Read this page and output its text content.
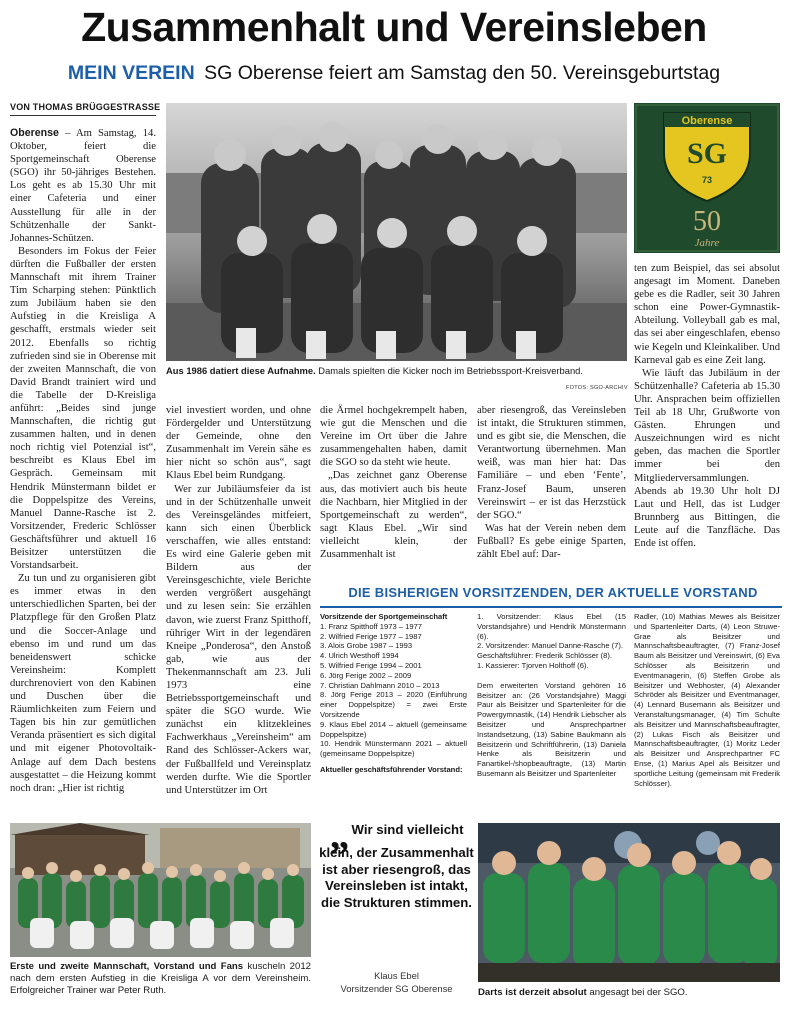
Zusammenhalt und Vereinsleben
MEIN VEREIN SG Oberense feiert am Samstag den 50. Vereinsgeburtstag
VON THOMAS BRÜGGESTRASSE

Oberense – Am Samstag, 14. Oktober, feiert die Sportgemeinschaft Oberense (SGO) ihr 50-jähriges Bestehen. Los geht es ab 15.30 Uhr mit einer Cafeteria und einer Ausstellung für alle in der Schützenhalle der Sankt-Johannes-Schützen.

Besonders im Fokus der Feier dürften die Fußballer der ersten Mannschaft mit ihrem Trainer Tim Scharping stehen: Pünktlich zum Jubiläum haben sie den Aufstieg in die Kreisliga A geschafft, erstmals wieder seit 2012. Ebenfalls so richtig zufrieden sind sie in Oberense mit der zweiten Mannschaft, die von David Brandt trainiert wird und die Tabelle der D-Kreisliga anführt: „Beides sind junge Mannschaften, die richtig gut zusammen halten, und in denen noch richtig viel Potenzial ist“, beschreibt es Klaus Ebel im Gespräch. Gemeinsam mit Hendrik Münstermann bildet er die Doppelspitze des Vereins, Manuel Danne-Rasche ist 2. Vorsitzender, Frederic Schlösser Geschäftsführer und aktuell 16 Beisitzer unterstützen die Vorstandsarbeit.

Zu tun und zu organisieren gibt es immer etwas in den unterschiedlichen Sparten, bei der Platzpflege für den Großen Platz und die Soccer-Anlage und ebenso im und rund um das beneidenswert schicke Vereinsheim: Komplett durchrenoviert von den Kabinen und Duschen über die Räumlichkeiten zum Feiern und Tagen bis hin zur gemütlichen Veranda präsentiert es sich digital und mit eigener Photovoltaik-Anlage auf dem Dach bestens ausgestattet – die Heizung kommt noch dran: „Hier ist richtig

Aus 1986 datiert diese Aufnahme. Damals spielten die Kicker noch im Betriebssport-Kreisverband.
FOTOS: SGO-ARCHIV
Oberense
SG
73
50
Jahre

viel investiert worden, und ohne Fördergelder und Unterstützung der Gemeinde, ohne den Zusammenhalt im Verein sähe es hier nicht so schön aus“, sagt Klaus Ebel beim Rundgang.

Wer zur Jubiläumsfeier da ist und in der Schützenhalle unweit des Vereinsgeländes mitfeiert, kann sich einen Überblick verschaffen, wie alles entstand: Es wird eine Galerie geben mit Bildern aus der Vereinsgeschichte, viele Berichte werden vergrößert ausgehängt und zu lesen sein: Sie erzählen davon, wie zuerst Franz Spitthoff, rühriger Wirt in der legendären Kneipe „Ponderosa“, den Anstoß gab, wie aus der Thekenmannschaft am 23. Juli 1973 eine Betriebssportgemeinschaft und später die SGO wurde. Wie zunächst ein klitzekleines Fachwerkhaus „Vereinsheim“ am Rand des Schlösser-Ackers war, der Fußballfeld und Vereinsplatz werden durfte. Wie die Sportler und Unterstützer im Ort

die Ärmel hochgekrempelt haben, wie gut die Menschen und die Vereine im Ort über die Jahre zusammengehalten haben, damit die SGO so da steht wie heute.

„Das zeichnet ganz Oberense aus, das motiviert auch bis heute die Nachbarn, hier Mitglied in der Sportgemeinschaft zu werden“, sagt Klaus Ebel. „Wir sind vielleicht klein, der Zusammenhalt ist

aber riesengroß, das Vereinsleben ist intakt, die Strukturen stimmen, und es gibt sie, die Menschen, die Verantwortung übernehmen. Man weiß, was man hier hat: Das Familiäre – und eben ‘Fente’, Franz-Josef Baum, unseren Vereinswirt – er ist das Herzstück der SGO.“

Was hat der Verein neben dem Fußball? Es gebe einige Sparten, zählt Ebel auf: Dar-

ten zum Beispiel, das sei absolut angesagt im Moment. Daneben gebe es die Radler, seit 30 Jahren schon eine Power-Gymnastik-Abteilung. Volleyball gab es mal, das sei aber eingeschlafen, ebenso wie Kegeln und Kleinkaliber. Und Karneval gab es eine Zeit lang.

Wie läuft das Jubiläum in der Schützenhalle? Cafeteria ab 15.30 Uhr. Ansprachen beim offiziellen Teil ab 18 Uhr, Grußworte von Gästen. Ehrungen und Auszeichnungen wird es nicht geben, das machen die Sportler immer bei den Mitgliederversammlungen. Abends ab 19.30 Uhr holt DJ Laut und Hell, das ist Ludger Brunnberg aus Bittingen, die Leute auf die Tanzfläche. Das Ende ist offen.

DIE BISHERIGEN VORSITZENDEN, DER AKTUELLE VORSTAND
Vorsitzende der Sportgemeinschaft
1. Franz Spitthoff 1973 – 1977
2. Wilfried Ferige 1977 – 1987
3. Alois Grobe 1987 – 1993
4. Ulrich Westhoff 1994
5. Wilfried Ferige 1994 – 2001
6. Jörg Ferige 2002 – 2009
7. Christian Dahlmann 2010 – 2013
8. Jörg Ferige 2013 – 2020 (Einführung einer Doppelspitze) = zwei Erste Vorsitzende
9. Klaus Ebel 2014 – aktuell (gemeinsame Doppelspitze)
10. Hendrik Münstermann 2021 – aktuell (gemeinsame Doppelspitze)
Aktueller geschäftsführender Vorstand:
1. Vorsitzender: Klaus Ebel (15 Vorstandsjahre) und Hendrik Münstermann (6).
2. Vorsitzender: Manuel Danne-Rasche (7).
Geschäftsführer: Frederik Schlösser (8).
1. Kassierer: Tjorven Holthoff (6).
Dem erweiterten Vorstand gehören 16 Beisitzer an: (26 Vorstandsjahre) Maggi Paur als Beisitzer und Spartenleiter für die Powergymnastik, (14) Hendrik Liebscher als Beisitzer und Ansprechpartner Instandsetzung, (13) Sabine Baukmann als Beisitzerin und Schriftführerin, (13) Daniela Henke als Beisitzerin und Fanartikel-/shopbeauftragte, (13) Martin Busemann als Beisitzer und Spartenleiter
Radler, (10) Mathias Mewes als Beisitzer und Spartenleiter Darts, (4) Leon Struwe-Grae als Beisitzer und Mannschaftsbeauftragter, (7) Franz-Josef Baum als Beisitzer und Vereinswirt, (6) Eva Schlösser als Beisitzerin und Eventmanagerin, (6) Steffen Grobe als Beisitzer und Webhoster, (4) Alexander Schröder als Beisitzer und Eventmanager, (4) Lennard Busemann als Beisitzer und Veranstaltungsmanager, (4) Tim Schulte als Beisitzer und Mannschaftsbeauftragter, (2) Lukas Fisch als Beisitzer und Mannschaftsbeauftragter, (1) Moritz Leder als Beisitzer und Ansprechpartner FC Ense, (1) Marius Apel als Beisitzer und sportliche Leitung (gemeinsam mit Frederik Schlösser).
Erste und zweite Mannschaft, Vorstand und Fans kuscheln 2012 nach dem ersten Aufstieg in die Kreisliga A vor dem Vereinsheim. Erfolgreicher Trainer war Peter Ruth.
„ Wir sind vielleicht klein, der Zusammenhalt ist aber riesengroß, das Vereinsleben ist intakt, die Strukturen stimmen.
Klaus Ebel
Vorsitzender SG Oberense	Darts ist derzeit absolut angesagt bei der SGO.
